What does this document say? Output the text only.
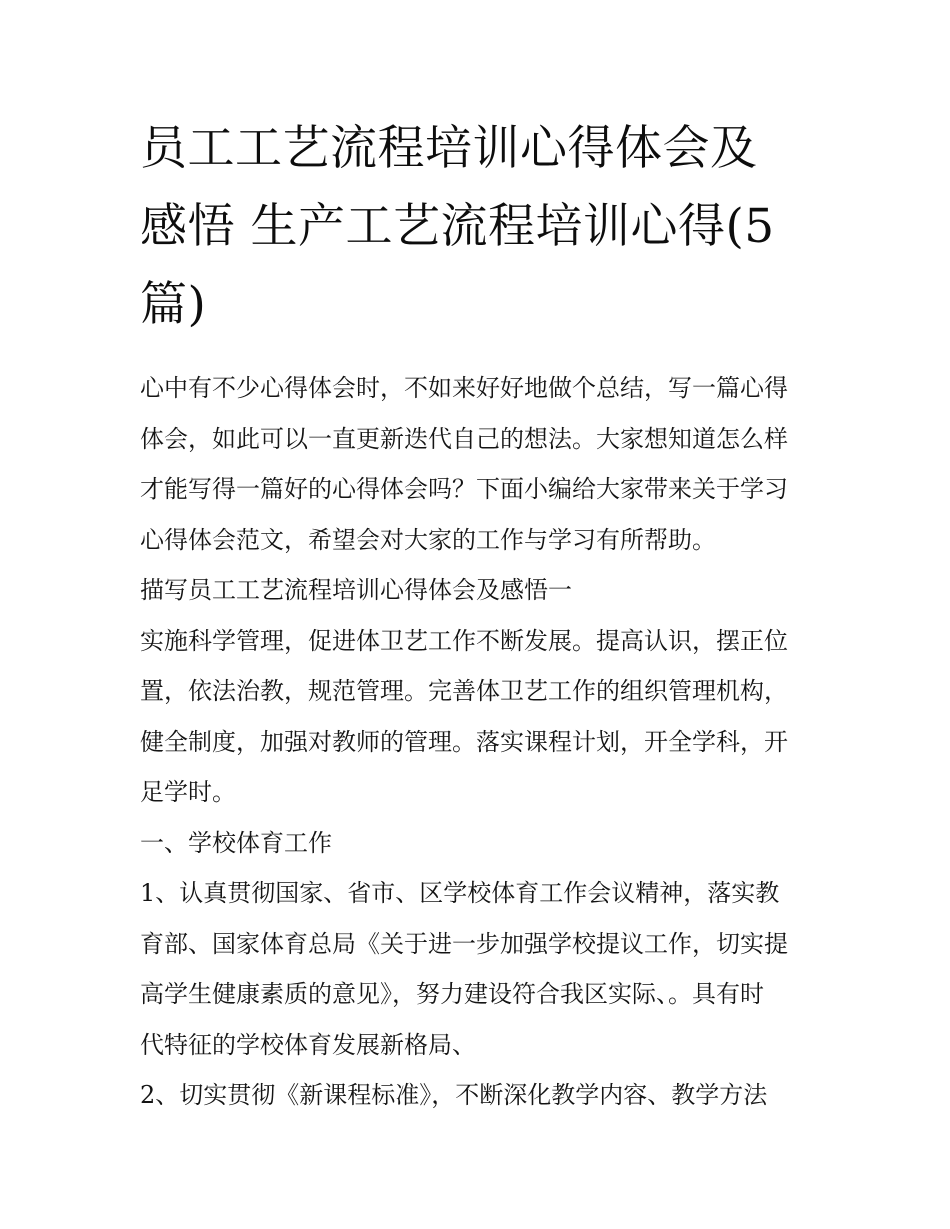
员工工艺流程培训心得体会及
感悟 生产工艺流程培训心得(5
篇)
心中有不少心得体会时，不如来好好地做个总结，写一篇心得
体会，如此可以一直更新迭代自己的想法。大家想知道怎么样
才能写得一篇好的心得体会吗？下面小编给大家带来关于学习
心得体会范文，希望会对大家的工作与学习有所帮助。
描写员工工艺流程培训心得体会及感悟一
实施科学管理，促进体卫艺工作不断发展。提高认识，摆正位
置，依法治教，规范管理。完善体卫艺工作的组织管理机构，
健全制度，加强对教师的管理。落实课程计划，开全学科，开
足学时。
一、学校体育工作
1、认真贯彻国家、省市、区学校体育工作会议精神，落实教
育部、国家体育总局《关于进一步加强学校提议工作，切实提
高学生健康素质的意见》，努力建设符合我区实际、。具有时
代特征的学校体育发展新格局、
2、切实贯彻《新课程标准》，不断深化教学内容、教学方法
